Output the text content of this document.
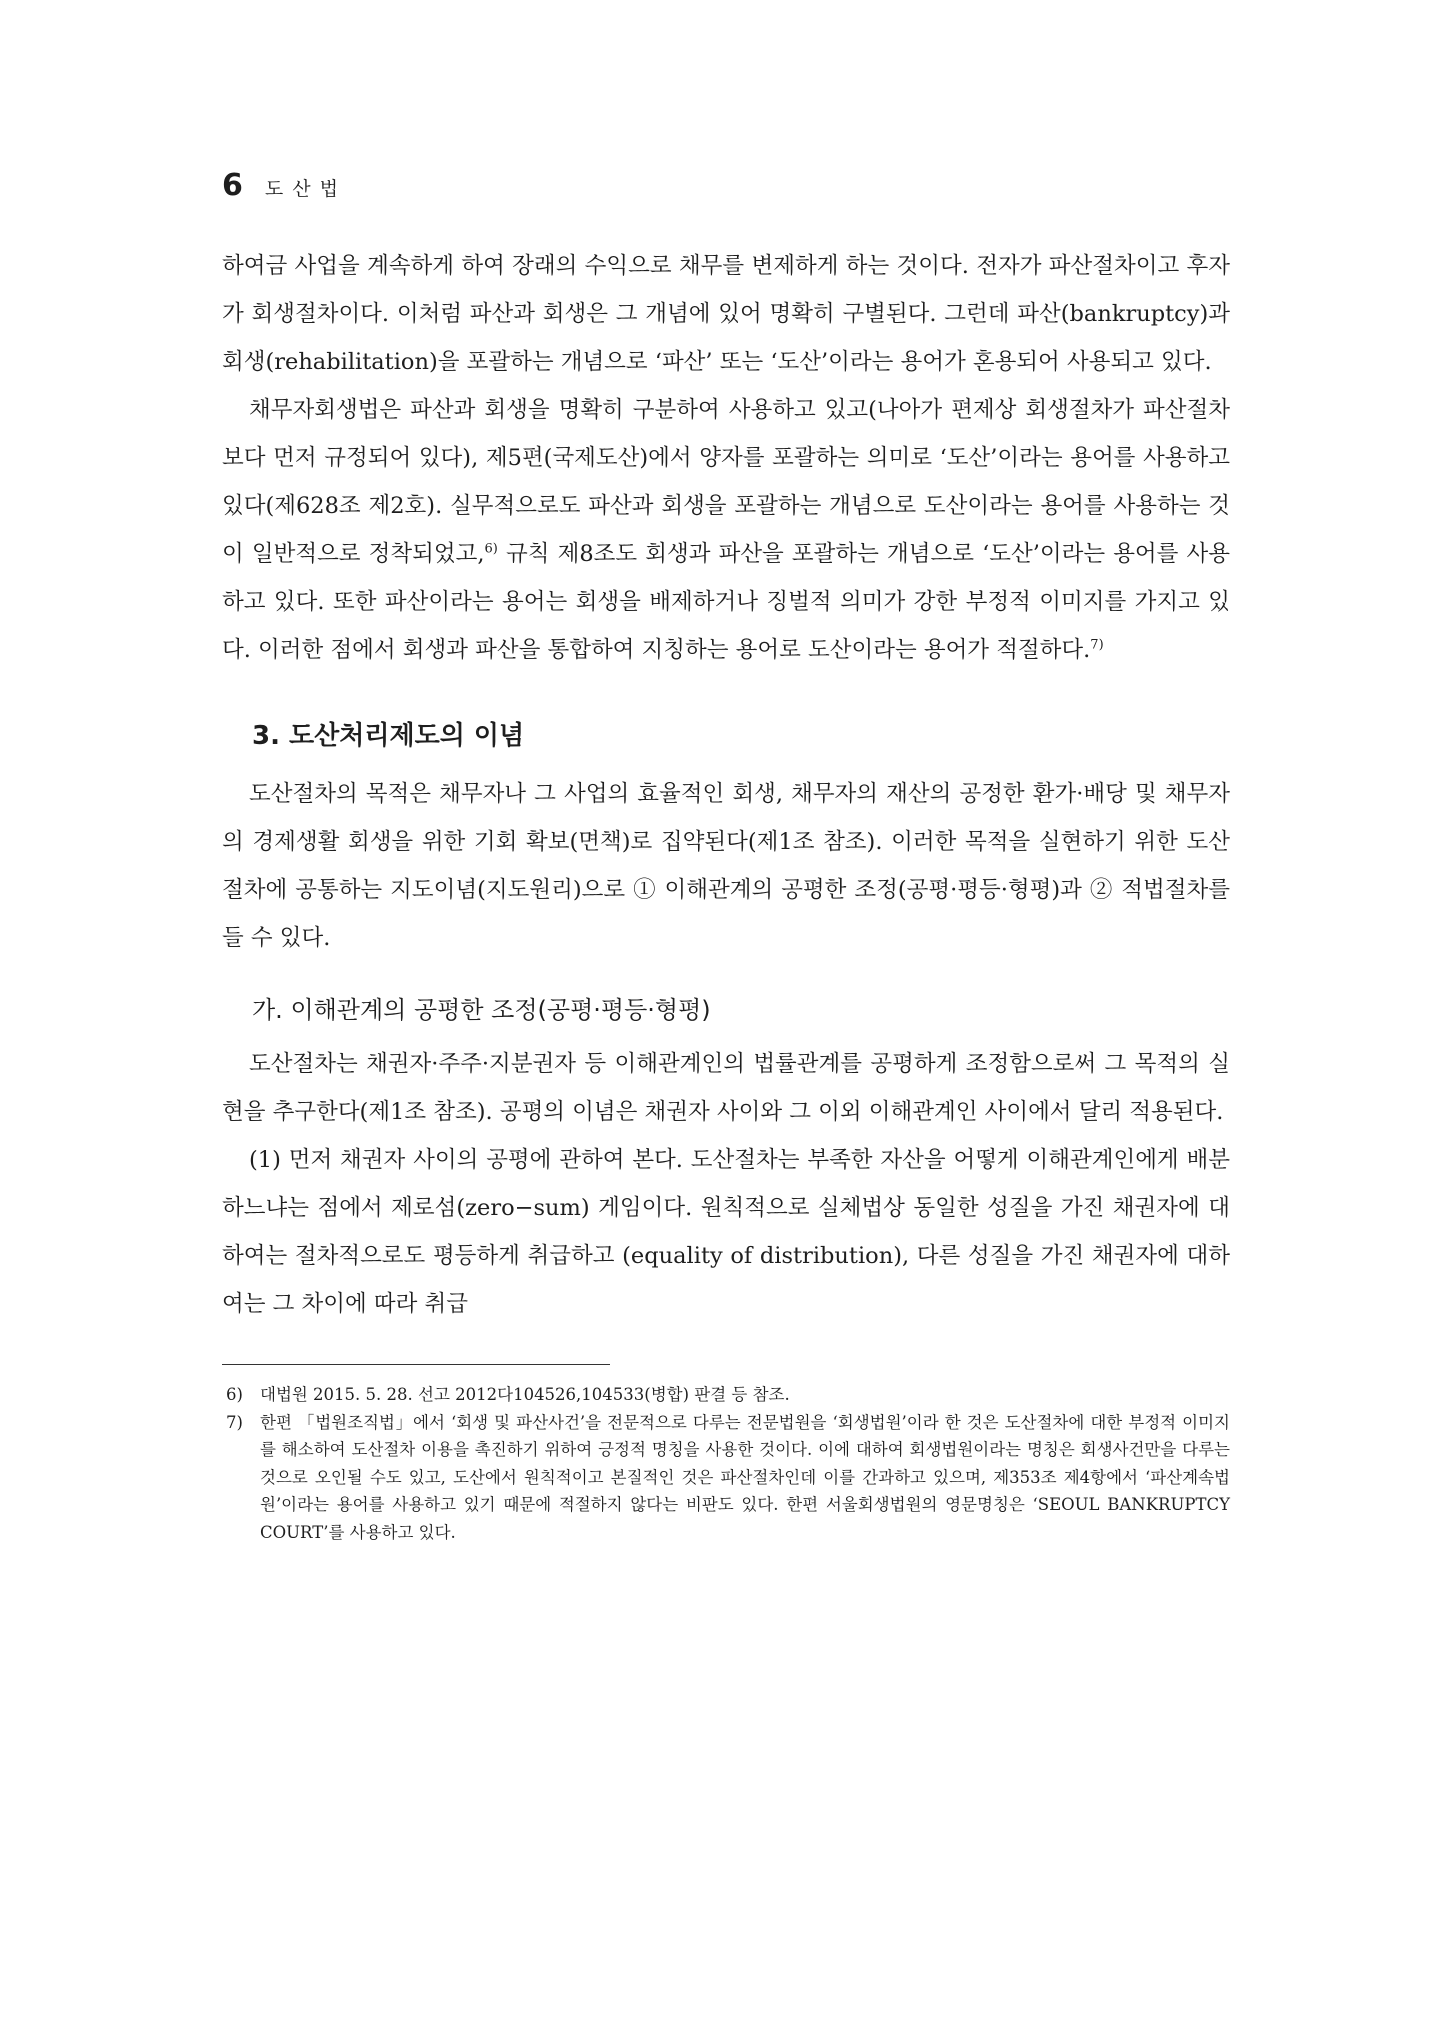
6 도산법

하여금 사업을 계속하게 하여 장래의 수익으로 채무를 변제하게 하는 것이다. 전자가 파산절차이고 후자가 회생절차이다. 이처럼 파산과 회생은 그 개념에 있어 명확히 구별된다. 그런데 파산(bankruptcy)과 회생(rehabilitation)을 포괄하는 개념으로 ‘파산’ 또는 ‘도산’이라는 용어가 혼용되어 사용되고 있다.

채무자회생법은 파산과 회생을 명확히 구분하여 사용하고 있고(나아가 편제상 회생절차가 파산절차보다 먼저 규정되어 있다), 제5편(국제도산)에서 양자를 포괄하는 의미로 ‘도산’이라는 용어를 사용하고 있다(제628조 제2호). 실무적으로도 파산과 회생을 포괄하는 개념으로 도산이라는 용어를 사용하는 것이 일반적으로 정착되었고,$^{6)}$ 규칙 제8조도 회생과 파산을 포괄하는 개념으로 ‘도산’이라는 용어를 사용하고 있다. 또한 파산이라는 용어는 회생을 배제하거나 징벌적 의미가 강한 부정적 이미지를 가지고 있다. 이러한 점에서 회생과 파산을 통합하여 지칭하는 용어로 도산이라는 용어가 적절하다.$^{7)}$

3. 도산처리제도의 이념

도산절차의 목적은 채무자나 그 사업의 효율적인 회생, 채무자의 재산의 공정한 환가·배당 및 채무자의 경제생활 회생을 위한 기회 확보(면책)로 집약된다(제1조 참조). 이러한 목적을 실현하기 위한 도산절차에 공통하는 지도이념(지도원리)으로 ① 이해관계의 공평한 조정(공평·평등·형평)과 ② 적법절차를 들 수 있다.

가. 이해관계의 공평한 조정(공평·평등·형평)

도산절차는 채권자·주주·지분권자 등 이해관계인의 법률관계를 공평하게 조정함으로써 그 목적의 실현을 추구한다(제1조 참조). 공평의 이념은 채권자 사이와 그 이외 이해관계인 사이에서 달리 적용된다.

(1) 먼저 채권자 사이의 공평에 관하여 본다. 도산절차는 부족한 자산을 어떻게 이해관계인에게 배분하느냐는 점에서 제로섬(zero−sum) 게임이다. 원칙적으로 실체법상 동일한 성질을 가진 채권자에 대하여는 절차적으로도 평등하게 취급하고 (equality of distribution), 다른 성질을 가진 채권자에 대하여는 그 차이에 따라 취급

6)	대법원 2015. 5. 28. 선고 2012다104526,104533(병합) 판결 등 참조.
7)	한편 「법원조직법」에서 ‘회생 및 파산사건’을 전문적으로 다루는 전문법원을 ‘회생법원’이라 한 것은 도산절차에 대한 부정적 이미지를 해소하여 도산절차 이용을 촉진하기 위하여 긍정적 명칭을 사용한 것이다. 이에 대하여 회생법원이라는 명칭은 회생사건만을 다루는 것으로 오인될 수도 있고, 도산에서 원칙적이고 본질적인 것은 파산절차인데 이를 간과하고 있으며, 제353조 제4항에서 ‘파산계속법원’이라는 용어를 사용하고 있기 때문에 적절하지 않다는 비판도 있다. 한편 서울회생법원의 영문명칭은 ‘SEOUL BANKRUPTCY COURT’를 사용하고 있다.
